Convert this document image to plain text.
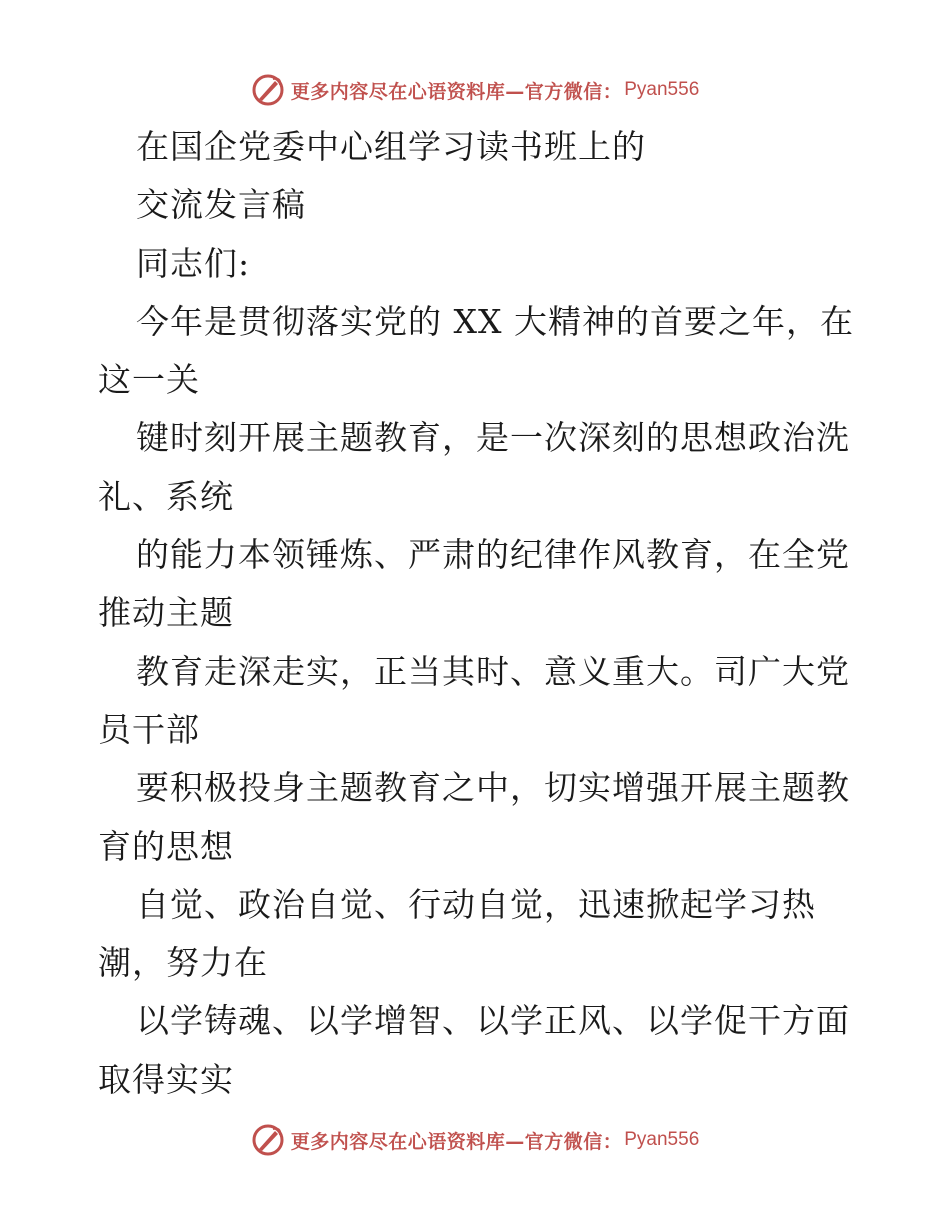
更多内容尽在心语资料库—官方微信： Pyan556
在国企党委中心组学习读书班上的
交流发言稿
同志们:
今年是贯彻落实党的 XX 大精神的首要之年，在
这一关
键时刻开展主题教育，是一次深刻的思想政治洗
礼、系统
的能力本领锤炼、严肃的纪律作风教育，在全党
推动主题
教育走深走实，正当其时、意义重大。司广大党
员干部
要积极投身主题教育之中，切实增强开展主题教
育的思想
自觉、政治自觉、行动自觉，迅速掀起学习热
潮，努力在
以学铸魂、以学增智、以学正风、以学促干方面
取得实实
更多内容尽在心语资料库—官方微信： Pyan556
